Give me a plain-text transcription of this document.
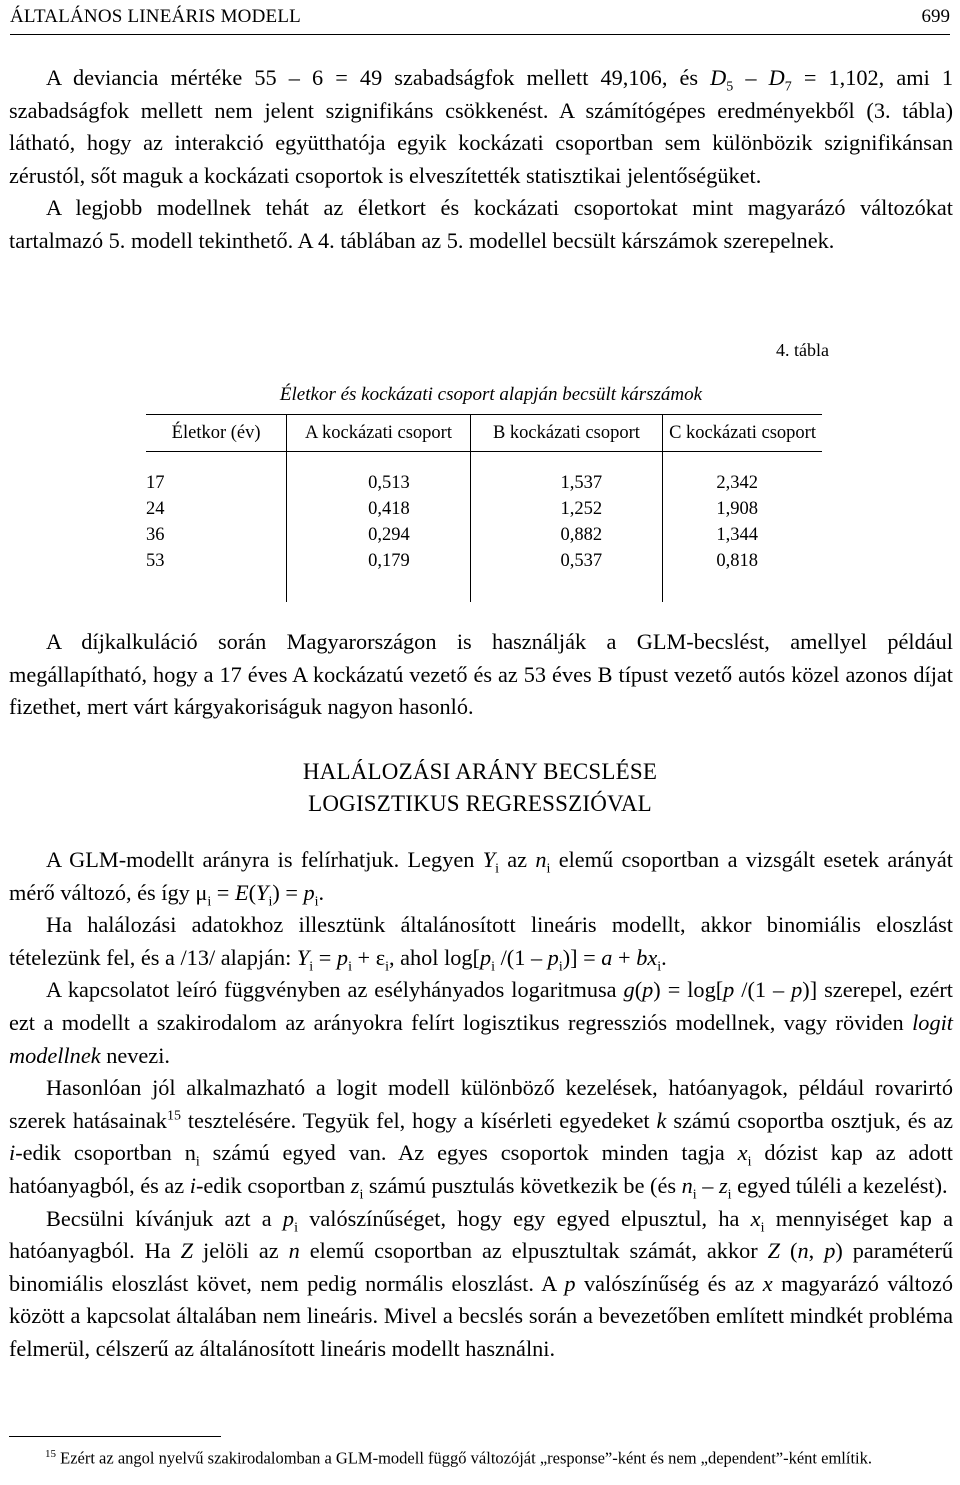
ÁLTALÁNOS LINEÁRIS MODELL	699

A deviancia mértéke 55 – 6 = 49 szabadságfok mellett 49,106, és $D_5 - D_7 = 1,102$, ami 1 szabadságfok mellett nem jelent szignifikáns csökkenést. A számítógépes eredményekből (3. tábla) látható, hogy az interakció együtthatója egyik kockázati csoportban sem különbözik szignifikánsan zérustól, sőt maguk a kockázati csoportok is elveszítették statisztikai jelentőségüket.

A legjobb modellnek tehát az életkort és kockázati csoportokat mint magyarázó változókat tartalmazó 5. modell tekinthető. A 4. táblában az 5. modellel becsült kárszámok szerepelnek.

4. tábla
Életkor és kockázati csoport alapján becsült kárszámok
Életkor (év)	A kockázati csoport	B kockázati csoport	C kockázati csoport

17	0,513	1,537	2,342
24	0,418	1,252	1,908
36	0,294	0,882	1,344
53	0,179	0,537	0,818

A díjkalkuláció során Magyarországon is használják a GLM-becslést, amellyel például megállapítható, hogy a 17 éves A kockázatú vezető és az 53 éves B típust vezető autós közel azonos díjat fizethet, mert várt kárgyakoriságuk nagyon hasonló.

HALÁLOZÁSI ARÁNY BECSLÉSE
LOGISZTIKUS REGRESSZIÓVAL

A GLM-modellt arányra is felírhatjuk. Legyen $Y_i$ az $n_i$ elemű csoportban a vizsgált esetek arányát mérő változó, és így $\mu_i = E(Y_i) = p_i$.

Ha halálozási adatokhoz illesztünk általánosított lineáris modellt, akkor binomiális eloszlást tételezünk fel, és a /13/ alapján: $Y_i = p_i + \varepsilon_i$, ahol $\log[p_i$ $/(1 - p_i)] = a + bx_i$.

A kapcsolatot leíró függvényben az esélyhányados logaritmusa g(p) = log[p /(1 – p)] szerepel, ezért ezt a modellt a szakirodalom az arányokra felírt logisztikus regressziós modellnek, vagy röviden logit modellnek nevezi.

Hasonlóan jól alkalmazható a logit modell különböző kezelések, hatóanyagok, például rovarirtó szerek hatásainak$^{15}$ tesztelésére. Tegyük fel, hogy a kísérleti egyedeket k számú csoportba osztjuk, és az i-edik csoportban $n_i$ számú egyed van. Az egyes csoportok minden tagja $x_i$ dózist kap az adott hatóanyagból, és az i-edik csoportban $z_i$ számú pusztulás következik be (és $n_i - z_i$ egyed túléli a kezelést).

Becsülni kívánjuk azt a $p_i$ valószínűséget, hogy egy egyed elpusztul, ha $x_i$ mennyiséget kap a hatóanyagból. Ha Z jelöli az n elemű csoportban az elpusztultak számát, akkor Z (n, p) paraméterű binomiális eloszlást követ, nem pedig normális eloszlást. A p valószínűség és az x magyarázó változó között a kapcsolat általában nem lineáris. Mivel a becslés során a bevezetőben említett mindkét probléma felmerül, célszerű az általánosított lineáris modellt használni.

$^{15}$ Ezért az angol nyelvű szakirodalomban a GLM-modell függő változóját „response”-ként és nem „dependent”-ként említik.
